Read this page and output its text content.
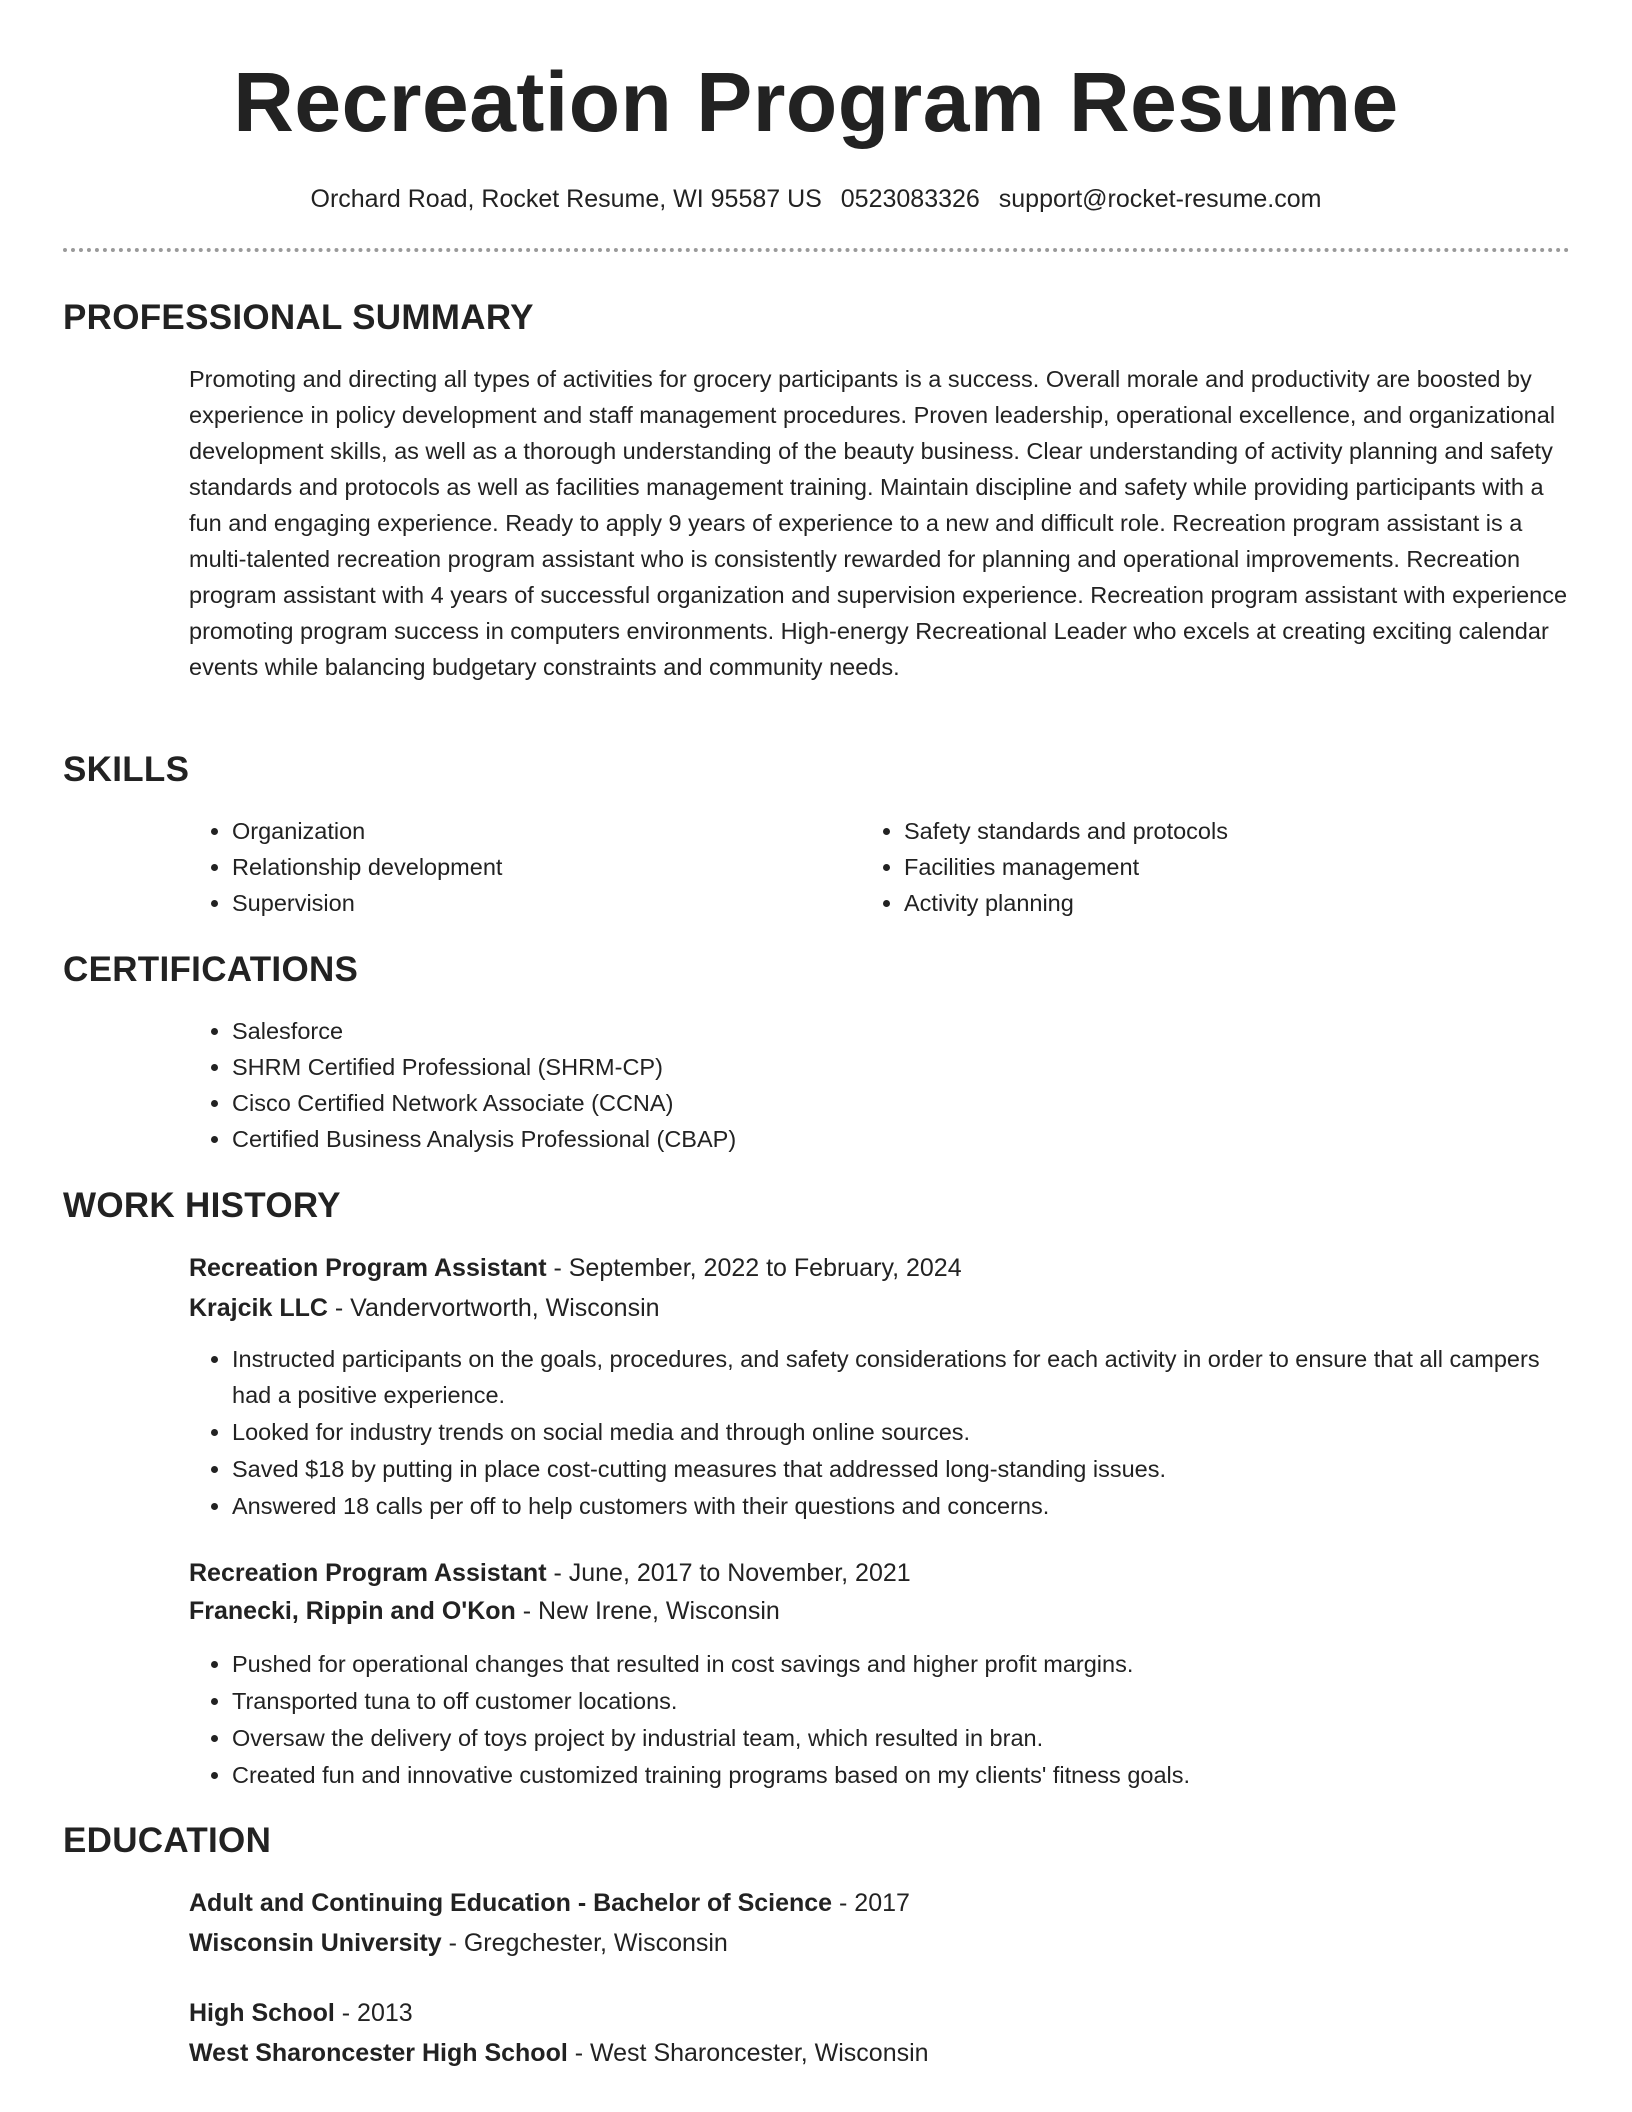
Recreation Program Resume
Orchard Road, Rocket Resume, WI 95587 US 0523083326 support@rocket-resume.com
PROFESSIONAL SUMMARY

Promoting and directing all types of activities for grocery participants is a success. Overall morale and productivity are boosted by experience in policy development and staff management procedures. Proven leadership, operational excellence, and organizational development skills, as well as a thorough understanding of the beauty business. Clear understanding of activity planning and safety standards and protocols as well as facilities management training. Maintain discipline and safety while providing participants with a fun and engaging experience. Ready to apply 9 years of experience to a new and difficult role. Recreation program assistant is a multi-talented recreation program assistant who is consistently rewarded for planning and operational improvements. Recreation program assistant with 4 years of successful organization and supervision experience. Recreation program assistant with experience promoting program success in computers environments. High-energy Recreational Leader who excels at creating exciting calendar events while balancing budgetary constraints and community needs.

SKILLS
• Organization
• Relationship development
• Supervision
• Safety standards and protocols
• Facilities management
• Activity planning
CERTIFICATIONS
• Salesforce
• SHRM Certified Professional (SHRM-CP)
• Cisco Certified Network Associate (CCNA)
• Certified Business Analysis Professional (CBAP)
WORK HISTORY
Recreation Program Assistant - September, 2022 to February, 2024
Krajcik LLC - Vandervortworth, Wisconsin
• Instructed participants on the goals, procedures, and safety considerations for each activity in order to ensure that all campers had a positive experience.
• Looked for industry trends on social media and through online sources.
• Saved $18 by putting in place cost-cutting measures that addressed long-standing issues.
• Answered 18 calls per off to help customers with their questions and concerns.
Recreation Program Assistant - June, 2017 to November, 2021
Franecki, Rippin and O'Kon - New Irene, Wisconsin
• Pushed for operational changes that resulted in cost savings and higher profit margins.
• Transported tuna to off customer locations.
• Oversaw the delivery of toys project by industrial team, which resulted in bran.
• Created fun and innovative customized training programs based on my clients' fitness goals.
EDUCATION
Adult and Continuing Education - Bachelor of Science - 2017
Wisconsin University - Gregchester, Wisconsin
High School - 2013
West Sharoncester High School - West Sharoncester, Wisconsin
